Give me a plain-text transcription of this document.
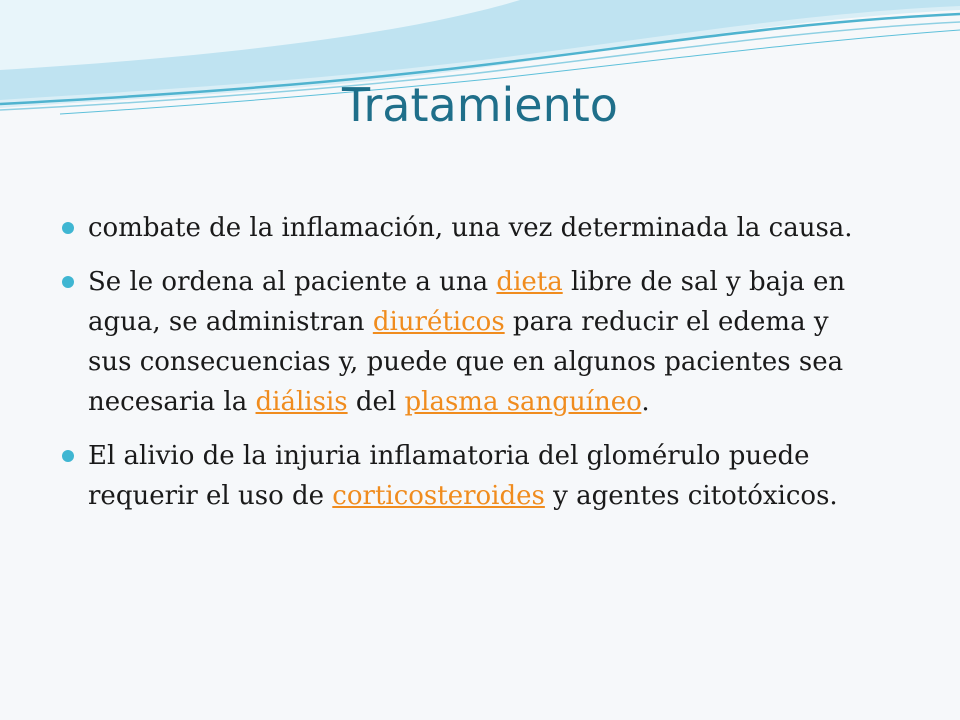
Tratamiento
combate de la inflamación, una vez determinada la causa.
Se le ordena al paciente a una dieta libre de sal y baja en agua, se administran diuréticos para reducir el edema y sus consecuencias y, puede que en algunos pacientes sea necesaria la diálisis del plasma sanguíneo.
El alivio de la injuria inflamatoria del glomérulo puede requerir el uso de corticosteroides y agentes citotóxicos.
